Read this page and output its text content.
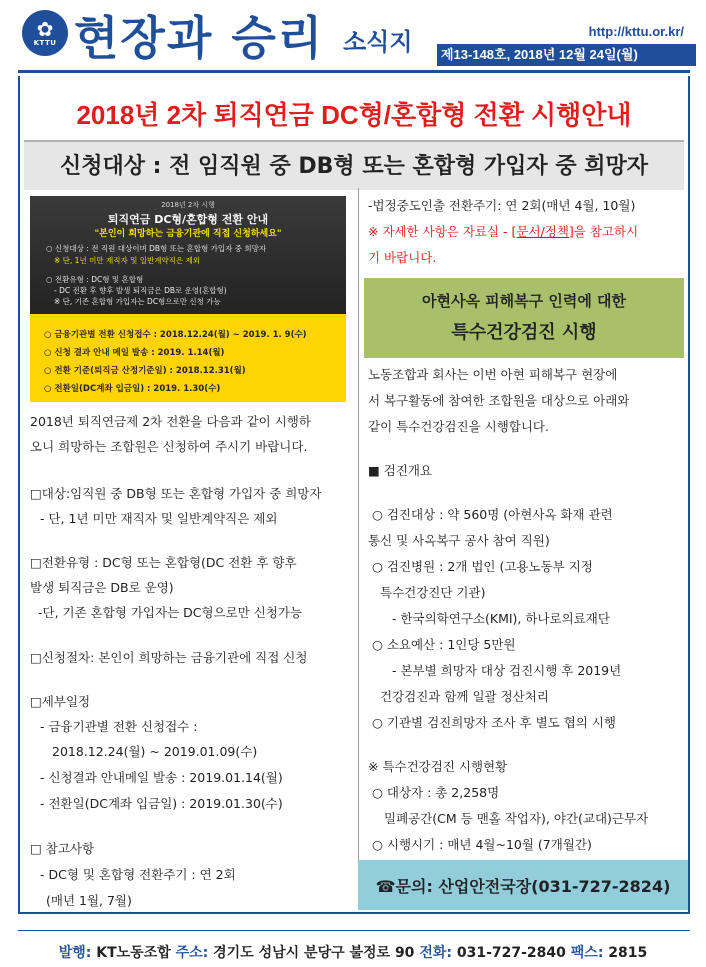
✿
KTTU 현장과 승리 소식지	http://kttu.or.kr/
제13-148호, 2018년 12월 24일(월)
2018년 2차 퇴직연금 DC형/혼합형 전환 시행안내
신청대상 : 전 임직원 중 DB형 또는 혼합형 가입자 중 희망자
2018년 2차 시행
퇴직연금 DC형/혼합형 전환 안내
"본인이 희망하는 금융기관에 직접 신청하세요"
○ 신청대상 : 전 직원 대상이며 DB형 또는 혼합형 가입자 중 희망자
※ 단, 1년 미만 재직자 및 일반계약직은 제외
○ 전환유형 : DC형 및 혼합형
- DC 전환 후 향후 발생 퇴직금은 DB로 운영(혼합형)
※ 단, 기존 혼합형 가입자는 DC형으로만 신청 가능
○ 금융기관별 전환 신청접수 : 2018.12.24(월) ~ 2019. 1. 9(수)
○ 신청 결과 안내 메일 발송 : 2019. 1.14(월)
○ 전환 기준(퇴직금 산정기준일) : 2018.12.31(월)
○ 전환일(DC계좌 입금일) : 2019. 1.30(수)
2018년 퇴직연금제 2차 전환을 다음과 같이 시행하
오니 희망하는 조합원은 신청하여 주시기 바랍니다.
□대상:임직원 중 DB형 또는 혼합형 가입자 중 희망자
- 단, 1년 미만 재직자 및 일반계약직은 제외
□전환유형 : DC형 또는 혼합형(DC 전환 후 향후
발생 퇴직금은 DB로 운영)
-단, 기존 혼합형 가입자는 DC형으로만 신청가능
□신청절차: 본인이 희망하는 금융기관에 직접 신청
□세부일정
- 금융기관별 전환 신청접수 :
2018.12.24(월) ~ 2019.01.09(수)
- 신청결과 안내메일 발송 : 2019.01.14(월)
- 전환일(DC계좌 입금일) : 2019.01.30(수)
□ 참고사항
- DC형 및 혼합형 전환주기 : 연 2회
(매년 1월, 7월)
-법정중도인출 전환주기: 연 2회(매년 4월, 10월)
※ 자세한 사항은 자료실 - [문서/정책]을 참고하시
기 바랍니다.
아현사옥 피해복구 인력에 대한
특수건강검진 시행
노동조합과 회사는 이번 아현 피해복구 현장에
서 복구활동에 참여한 조합원을 대상으로 아래와
같이 특수건강검진을 시행합니다.
■ 검진개요
○ 검진대상 : 약 560명 (아현사옥 화재 관련
통신 및 사옥복구 공사 참여 직원)
○ 검진병원 : 2개 법인 (고용노동부 지정
특수건강진단 기관)
- 한국의학연구소(KMI), 하나로의료재단
○ 소요예산 : 1인당 5만원
- 본부별 희망자 대상 검진시행 후 2019년
건강검진과 함께 일괄 정산처리
○ 기관별 검진희망자 조사 후 별도 협의 시행
※ 특수건강검진 시행현황
○ 대상자 : 총 2,258명
밀폐공간(CM 등 맨홀 작업자), 야간(교대)근무자
○ 시행시기 : 매년 4월~10월 (7개월간)
☎문의: 산업안전국장(031-727-2824)
발행: KT노동조합 주소: 경기도 성남시 분당구 불정로 90 전화: 031-727-2840 팩스: 2815
